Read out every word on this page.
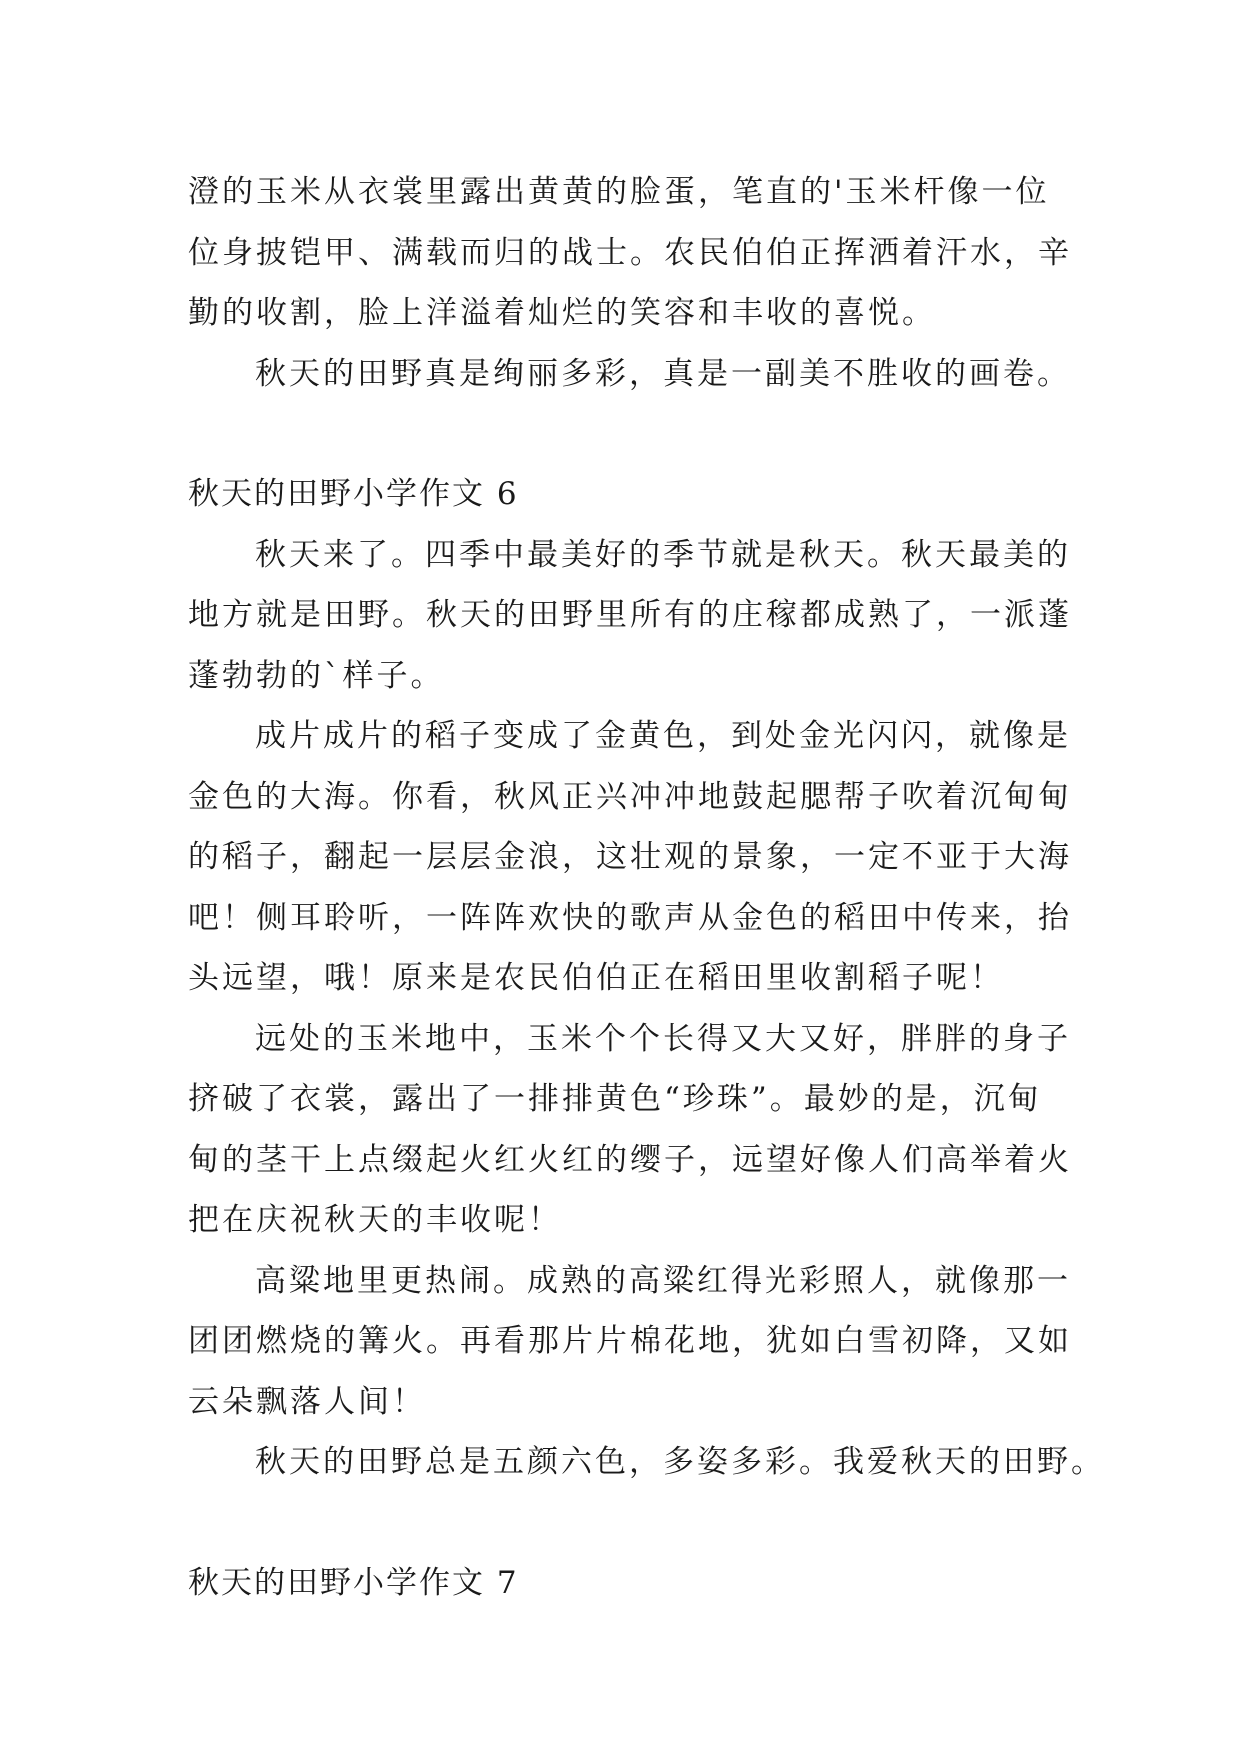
澄的玉米从衣裳里露出黄黄的脸蛋，笔直的'玉米杆像一位
位身披铠甲、满载而归的战士。农民伯伯正挥洒着汗水，辛
勤的收割，脸上洋溢着灿烂的笑容和丰收的喜悦。
秋天的田野真是绚丽多彩，真是一副美不胜收的画卷。
秋天的田野小学作文 6
秋天来了。四季中最美好的季节就是秋天。秋天最美的
地方就是田野。秋天的田野里所有的庄稼都成熟了，一派蓬
蓬勃勃的`样子。
成片成片的稻子变成了金黄色，到处金光闪闪，就像是
金色的大海。你看，秋风正兴冲冲地鼓起腮帮子吹着沉甸甸
的稻子，翻起一层层金浪，这壮观的景象，一定不亚于大海
吧！侧耳聆听，一阵阵欢快的歌声从金色的稻田中传来，抬
头远望，哦！原来是农民伯伯正在稻田里收割稻子呢！
远处的玉米地中，玉米个个长得又大又好，胖胖的身子
挤破了衣裳，露出了一排排黄色“珍珠”。最妙的是，沉甸
甸的茎干上点缀起火红火红的缨子，远望好像人们高举着火
把在庆祝秋天的丰收呢！
高粱地里更热闹。成熟的高粱红得光彩照人，就像那一
团团燃烧的篝火。再看那片片棉花地，犹如白雪初降，又如
云朵飘落人间！
秋天的田野总是五颜六色，多姿多彩。我爱秋天的田野。
秋天的田野小学作文 7
